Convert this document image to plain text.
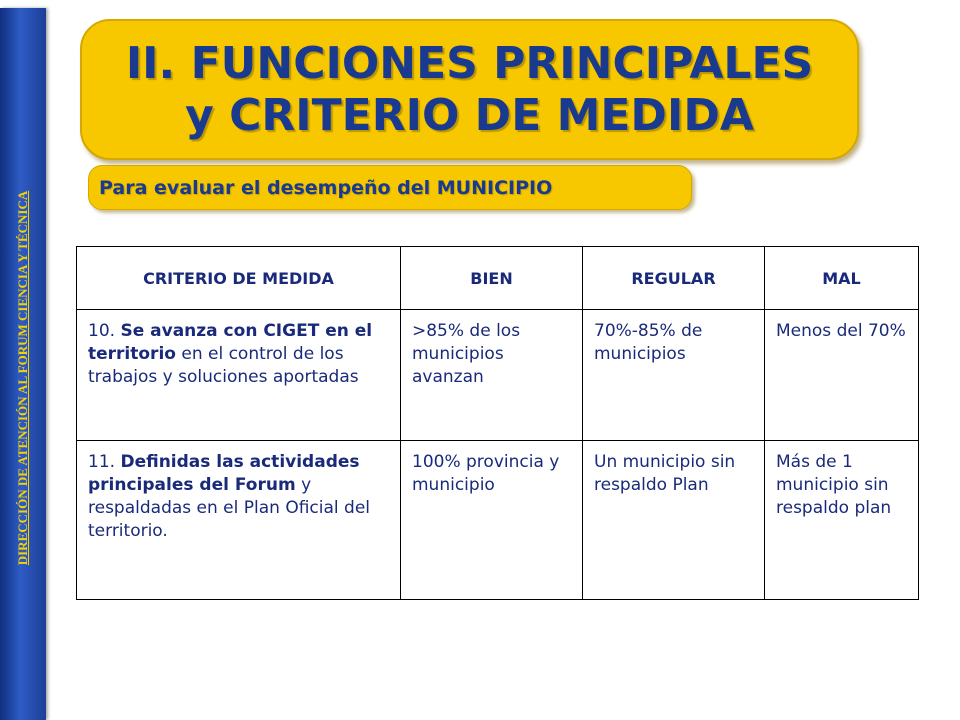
DIRECCIÓN DE ATENCIÓN AL FORUM CIENCIA Y TÉCNICA
II. FUNCIONES PRINCIPALES
y CRITERIO DE MEDIDA
Para evaluar el desempeño del MUNICIPIO
CRITERIO DE MEDIDA	BIEN	REGULAR	MAL
10. Se avanza con CIGET en el territorio en el control de los trabajos y soluciones aportadas	>85% de los municipios avanzan	70%-85% de municipios	Menos del 70%
11. Definidas las actividades principales del Forum y respaldadas en el Plan Oficial del territorio.	100% provincia y municipio	Un municipio sin respaldo Plan	Más de 1 municipio sin respaldo plan
